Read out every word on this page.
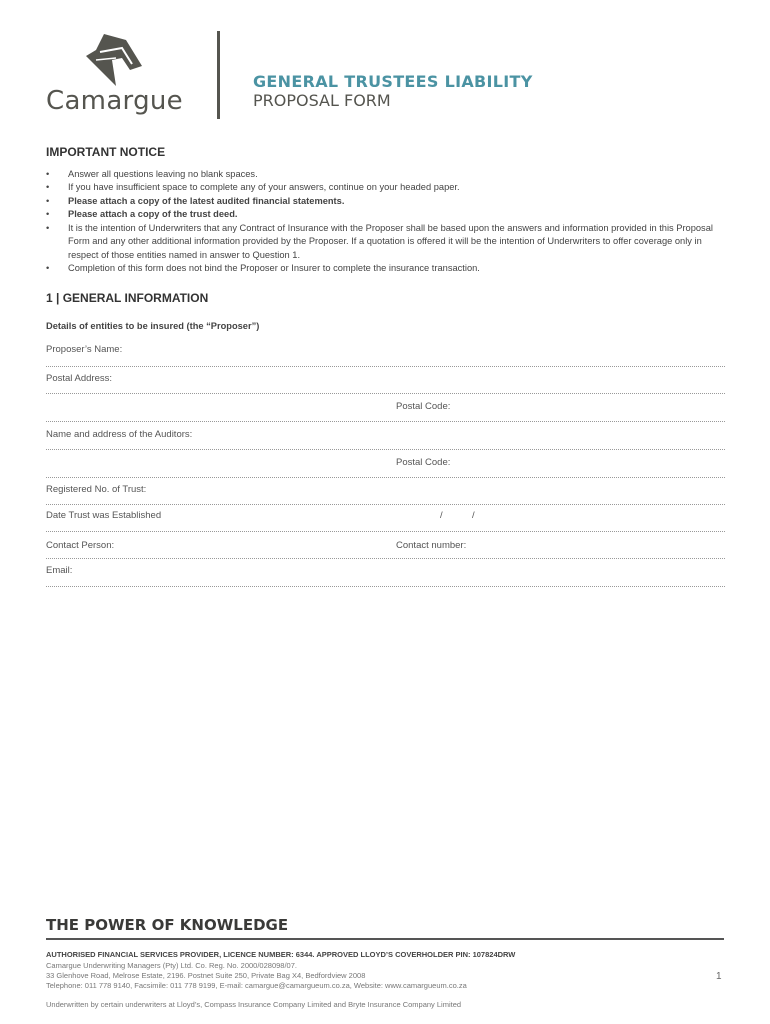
Camargue
GENERAL TRUSTEES LIABILITY
PROPOSAL FORM
IMPORTANT NOTICE
• Answer all questions leaving no blank spaces.
• If you have insufficient space to complete any of your answers, continue on your headed paper.
• Please attach a copy of the latest audited financial statements.
• Please attach a copy of the trust deed.
• It is the intention of Underwriters that any Contract of Insurance with the Proposer shall be based upon the answers and information provided in this Proposal Form and any other additional information provided by the Proposer. If a quotation is offered it will be the intention of Underwriters to offer coverage only in respect of those entities named in answer to Question 1.
• Completion of this form does not bind the Proposer or Insurer to complete the insurance transaction.
1 | GENERAL INFORMATION
Details of entities to be insured (the “Proposer”)
Proposer’s Name:
Postal Address:
Postal Code:
Name and address of the Auditors:
Postal Code:
Registered No. of Trust:
Date Trust was Established	/	/
Contact Person:	Contact number:
Email:
THE POWER OF KNOWLEDGE
AUTHORISED FINANCIAL SERVICES PROVIDER, LICENCE NUMBER: 6344. APPROVED LLOYD’S COVERHOLDER PIN: 107824DRW
Camargue Underwriting Managers (Pty) Ltd. Co. Reg. No. 2000/028098/07.
33 Glenhove Road, Melrose Estate, 2196. Postnet Suite 250, Private Bag X4, Bedfordview 2008
Telephone: 011 778 9140, Facsimile: 011 778 9199, E-mail: camargue@camargueum.co.za, Website: www.camargueum.co.za
1
Underwritten by certain underwriters at Lloyd’s, Compass Insurance Company Limited and Bryte Insurance Company Limited
